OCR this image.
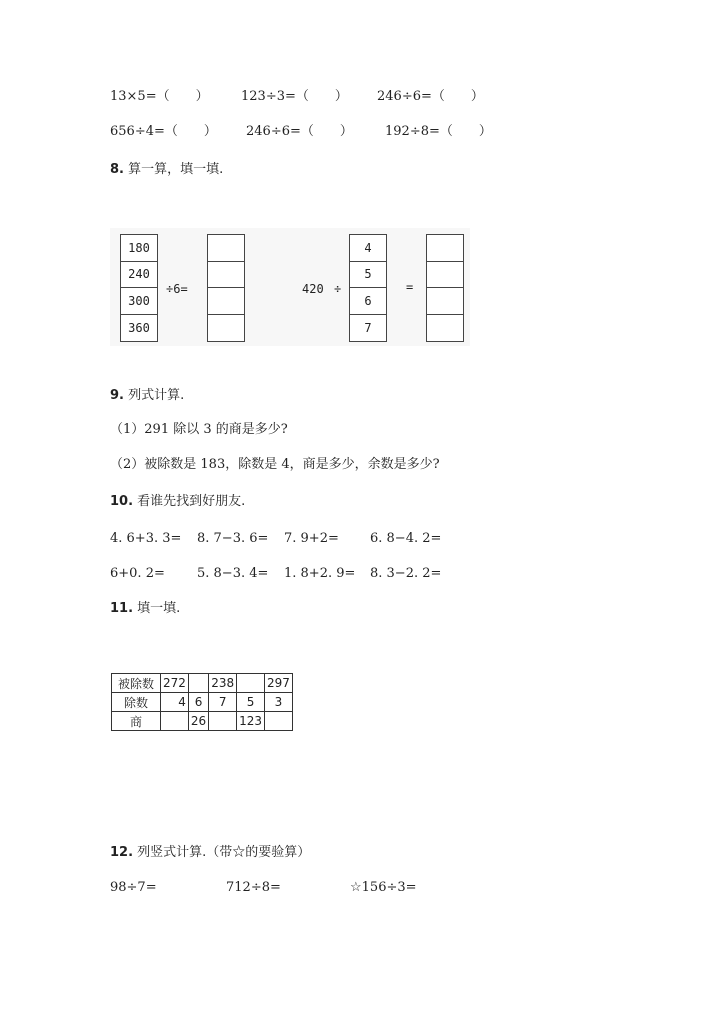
13×5=（　　） 123÷3=（　　） 246÷6=（　　）
656÷4=（　　） 246÷6=（　　） 192÷8=（　　）
8. 算一算，填一填.
180
240
300
360
÷6=	420 ÷
4
5
6
7
=
9. 列式计算.
（1）291 除以 3 的商是多少?
（2）被除数是 183，除数是 4，商是多少，余数是多少?
10. 看谁先找到好朋友.
4. 6+3. 3= 8. 7−3. 6= 7. 9+2= 6. 8−4. 2=
6+0. 2= 5. 8−3. 4= 1. 8+2. 9= 8. 3−2. 2=
11. 填一填.
被除数	272		238		297
除数	4	6	7	5	3
商		26		123	
12. 列竖式计算.（带☆的要验算）
98÷7=	712÷8=	☆156÷3=
